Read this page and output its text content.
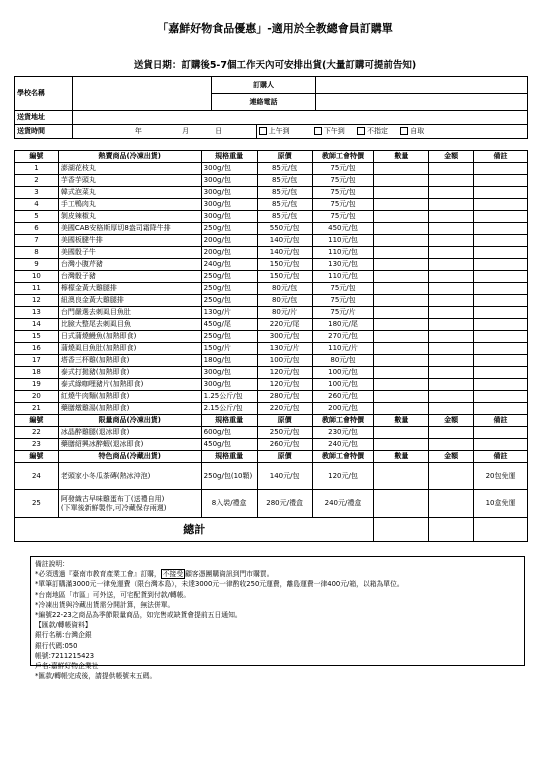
「嘉鮮好物食品優惠」-適用於全教總會員訂購單
送貨日期：訂購後5-7個工作天內可安排出貨(大量訂購可提前告知)
學校名稱		訂購人		
		連絡電話		
送貨地址				
送貨時間	年 月 日		上午到 下午到 不指定 自取	
編號	熱賣商品(冷凍出貨)	規格重量	原價	教師工會特價	數量	金額	備註
1	澎湖花枝丸	300g/包	85元/包	75元/包			
2	芋香芋頭丸	300g/包	85元/包	75元/包			
3	韓式泡菜丸	300g/包	85元/包	75元/包			
4	手工鴨肉丸	300g/包	85元/包	75元/包			
5	剝皮辣椒丸	300g/包	85元/包	75元/包			
6	美國CAB安格斯厚切8盎司霜降牛排	250g/包	550元/包	450元/包			
7	美國板腱牛排	200g/包	140元/包	110元/包			
8	美國骰子牛	200g/包	140元/包	110元/包			
9	台灣小腹芹豬	240g/包	150元/包	130元/包			
10	台灣骰子豬	250g/包	150元/包	110元/包			
11	檸檬金黃大雞腿排	250g/包	80元/包	75元/包			
12	紐澳良金黃大雞腿排	250g/包	80元/包	75元/包			
13	台門嚴選去刺虱目魚肚	130g/片	80元/片	75元/片			
14	比臉大整尾去刺虱目魚	450g/尾	220元/尾	180元/尾			
15	日式蒲燒鰻魚(加熱即食)	250g/包	300元/包	270元/包			
16	蒲燒虱目魚肚(加熱即食)	150g/片	130元/片	110元/片			
17	塔香三杯雞(加熱即食)	180g/包	100元/包	80元/包			
18	泰式打拋豬(加熱即食)	300g/包	120元/包	100元/包			
19	泰式綠咖哩豬片(加熱即食)	300g/包	120元/包	100元/包			
20	紅燒牛肉麵(加熱即食)	1.25公斤/包	280元/包	260元/包			
21	藥膳燉雞湯(加熱即食)	2.15公斤/包	220元/包	200元/包			
編號	限量商品(冷凍出貨)	規格重量	原價	教師工會特價	數量	金額	備註
22	冰晶醉雞腿(退冰即食)	600g/包	250元/包	230元/包			
23	藥膳紹興冰醉蝦(退冰即食)	450g/包	260元/包	240元/包			
編號	特色商品(冷藏出貨)	規格重量	原價	教師工會特價	數量	金額	備註
24	老頭家小冬瓜茶磚(熱冰沖泡)	250g/包(10顆)	140元/包	120元/包			20包免運
25	阿發織古早味雞蛋布丁(送禮自用)
(下單後新鮮製作,可冷藏保存兩週)	8入裝/禮盒	280元/禮盒	240元/禮盒			10盒免運
總計							
備註說明：
*必須透過『臺南市教育產業工會』訂購， 不接受 顧客憑團購資訊到門市購買。
*單筆訂購滿3000元一律免運費（限台灣本島），未達3000元一律酌收250元運費，離島運費一律400元/箱，以箱為單位。
*台南地區「市區」可外送，可宅配貨到付款/轉帳。
*冷凍出貨與冷藏出貨需分開計算，無法併單。
*編號22-23之商品為季節限量商品，如完售或缺貨會提前五日通知。
【匯款/轉帳資料】
銀行名稱:台灣企銀
銀行代碼:050
帳號:7211215423
戶名:嘉鮮好物企業社
*匯款/轉帳完成後，請提供帳號末五碼。
